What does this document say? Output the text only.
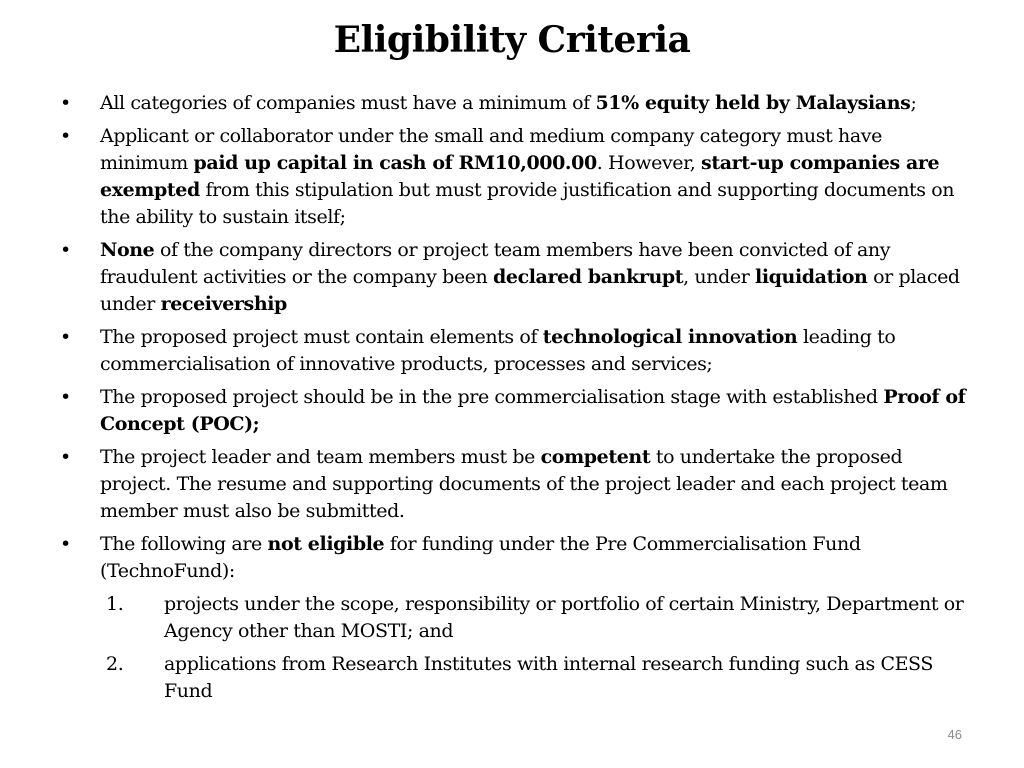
Eligibility Criteria
• All categories of companies must have a minimum of 51% equity held by Malaysians;
• Applicant or collaborator under the small and medium company category must have minimum paid up capital in cash of RM10,000.00. However, start-up companies are exempted from this stipulation but must provide justification and supporting documents on the ability to sustain itself;
• None of the company directors or project team members have been convicted of any fraudulent activities or the company been declared bankrupt, under liquidation or placed under receivership
• The proposed project must contain elements of technological innovation leading to commercialisation of innovative products, processes and services;
• The proposed project should be in the pre commercialisation stage with established Proof of Concept (POC);
• The project leader and team members must be competent to undertake the proposed project. The resume and supporting documents of the project leader and each project team member must also be submitted.
• The following are not eligible for funding under the Pre Commercialisation Fund (TechnoFund):
1. projects under the scope, responsibility or portfolio of certain Ministry, Department or Agency other than MOSTI; and
2. applications from Research Institutes with internal research funding such as CESS Fund
46
